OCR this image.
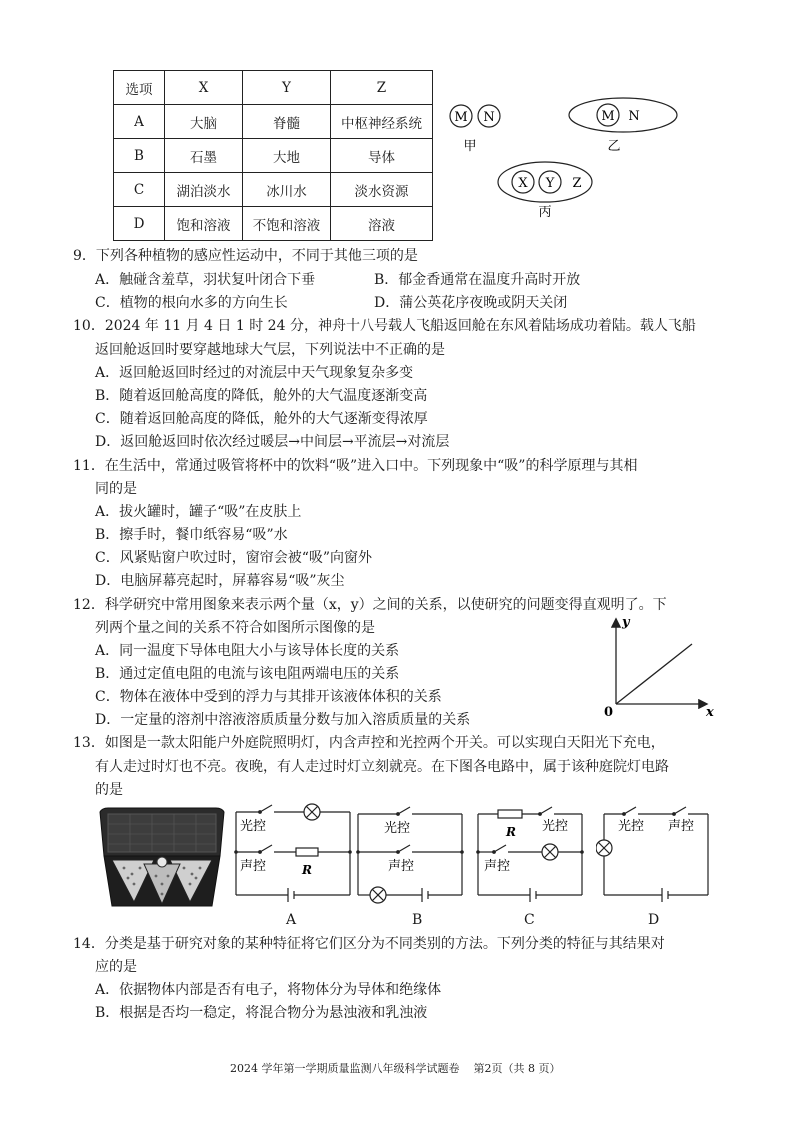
选项	X	Y	Z
A	大脑	脊髓	中枢神经系统
B	石墨	大地	导体
C	湖泊淡水	冰川水	淡水资源
D	饱和溶液	不饱和溶液	溶液
M N
甲
M N
乙
X Y Z
丙
9．下列各种植物的感应性运动中，不同于其他三项的是
A．触碰含羞草，羽状复叶闭合下垂	B．郁金香通常在温度升高时开放
C．植物的根向水多的方向生长	D．蒲公英花序夜晚或阴天关闭
10．2024 年 11 月 4 日 1 时 24 分，神舟十八号载人飞船返回舱在东风着陆场成功着陆。载人飞船
返回舱返回时要穿越地球大气层，下列说法中不正确的是
A．返回舱返回时经过的对流层中天气现象复杂多变
B．随着返回舱高度的降低，舱外的大气温度逐渐变高
C．随着返回舱高度的降低，舱外的大气逐渐变得浓厚
D．返回舱返回时依次经过暖层→中间层→平流层→对流层
11．在生活中，常通过吸管将杯中的饮料“吸”进入口中。下列现象中“吸”的科学原理与其相
同的是
A．拔火罐时，罐子“吸”在皮肤上
B．擦手时，餐巾纸容易“吸”水
C．风紧贴窗户吹过时，窗帘会被“吸”向窗外
D．电脑屏幕亮起时，屏幕容易“吸”灰尘
12．科学研究中常用图象来表示两个量（x，y）之间的关系，以使研究的问题变得直观明了。下
列两个量之间的关系不符合如图所示图像的是
A．同一温度下导体电阻大小与该导体长度的关系
B．通过定值电阻的电流与该电阻两端电压的关系
C．物体在液体中受到的浮力与其排开该液体体积的关系
D．一定量的溶剂中溶液溶质质量分数与加入溶质质量的关系
y
x
0
13．如图是一款太阳能户外庭院照明灯，内含声控和光控两个开关。可以实现白天阳光下充电，
有人走过时灯也不亮。夜晚，有人走过时灯立刻就亮。在下图各电路中，属于该种庭院灯电路
的是
光控
声控	R
光控
声控
R 光控
声控
光控 声控
A	B	C	D
14．分类是基于研究对象的某种特征将它们区分为不同类别的方法。下列分类的特征与其结果对
应的是
A．依据物体内部是否有电子，将物体分为导体和绝缘体
B．根据是否均一稳定，将混合物分为悬浊液和乳浊液
2024 学年第一学期质量监测八年级科学试题卷    第2页（共 8 页）
